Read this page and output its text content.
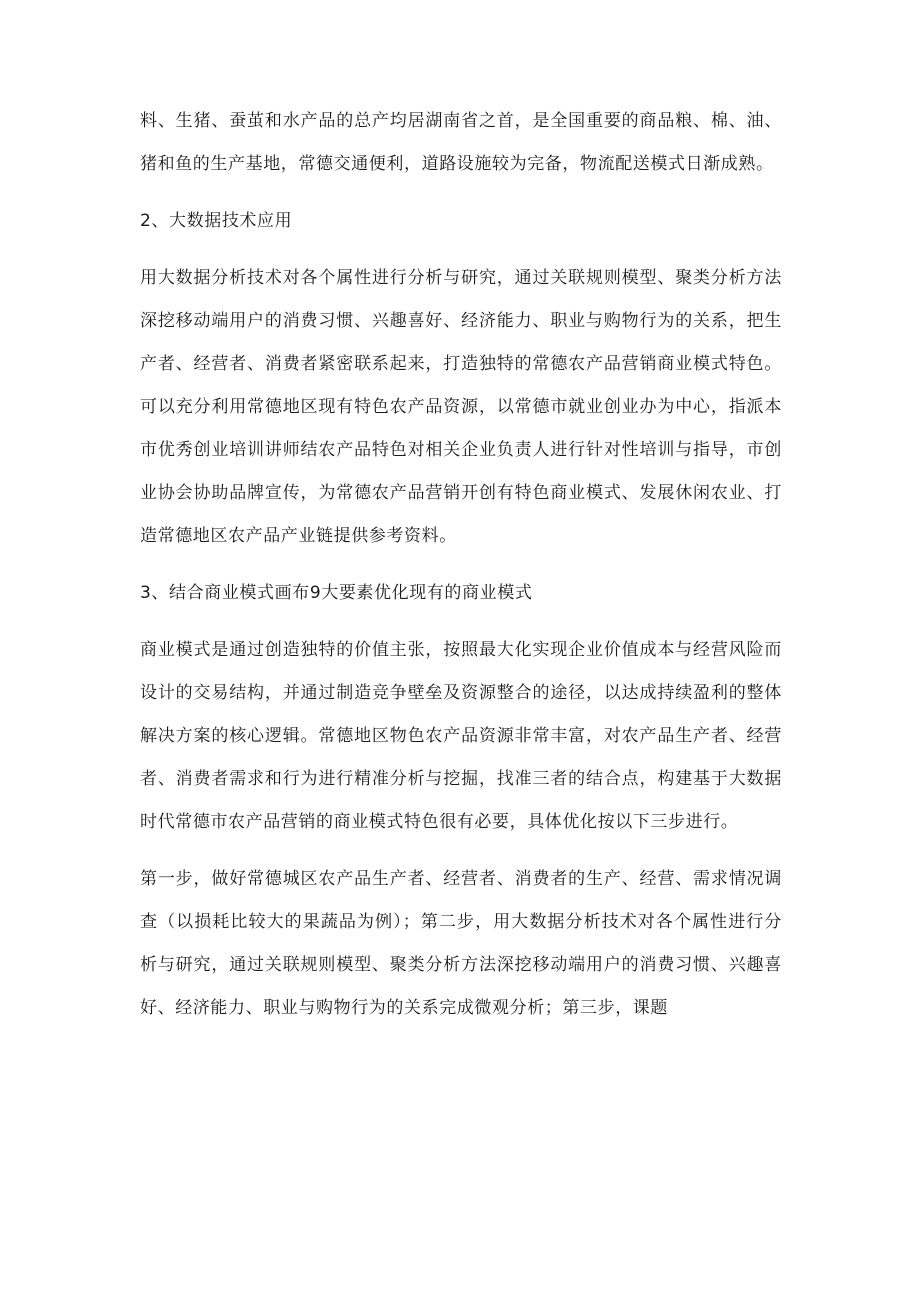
料、生猪、蚕茧和水产品的总产均居湖南省之首，是全国重要的商品粮、棉、油、猪和鱼的生产基地，常德交通便利，道路设施较为完备，物流配送模式日渐成熟。

2、大数据技术应用

用大数据分析技术对各个属性进行分析与研究，通过关联规则模型、聚类分析方法深挖移动端用户的消费习惯、兴趣喜好、经济能力、职业与购物行为的关系，把生产者、经营者、消费者紧密联系起来，打造独特的常德农产品营销商业模式特色。可以充分利用常德地区现有特色农产品资源，以常德市就业创业办为中心，指派本市优秀创业培训讲师结农产品特色对相关企业负责人进行针对性培训与指导，市创业协会协助品牌宣传，为常德农产品营销开创有特色商业模式、发展休闲农业、打造常德地区农产品产业链提供参考资料。

3、结合商业模式画布9大要素优化现有的商业模式

商业模式是通过创造独特的价值主张，按照最大化实现企业价值成本与经营风险而设计的交易结构，并通过制造竞争壁垒及资源整合的途径，以达成持续盈利的整体解决方案的核心逻辑。常德地区物色农产品资源非常丰富，对农产品生产者、经营者、消费者需求和行为进行精准分析与挖掘，找准三者的结合点，构建基于大数据时代常德市农产品营销的商业模式特色很有必要，具体优化按以下三步进行。

第一步，做好常德城区农产品生产者、经营者、消费者的生产、经营、需求情况调查（以损耗比较大的果蔬品为例）；第二步，用大数据分析技术对各个属性进行分析与研究，通过关联规则模型、聚类分析方法深挖移动端用户的消费习惯、兴趣喜好、经济能力、职业与购物行为的关系完成微观分析；第三步，课题
